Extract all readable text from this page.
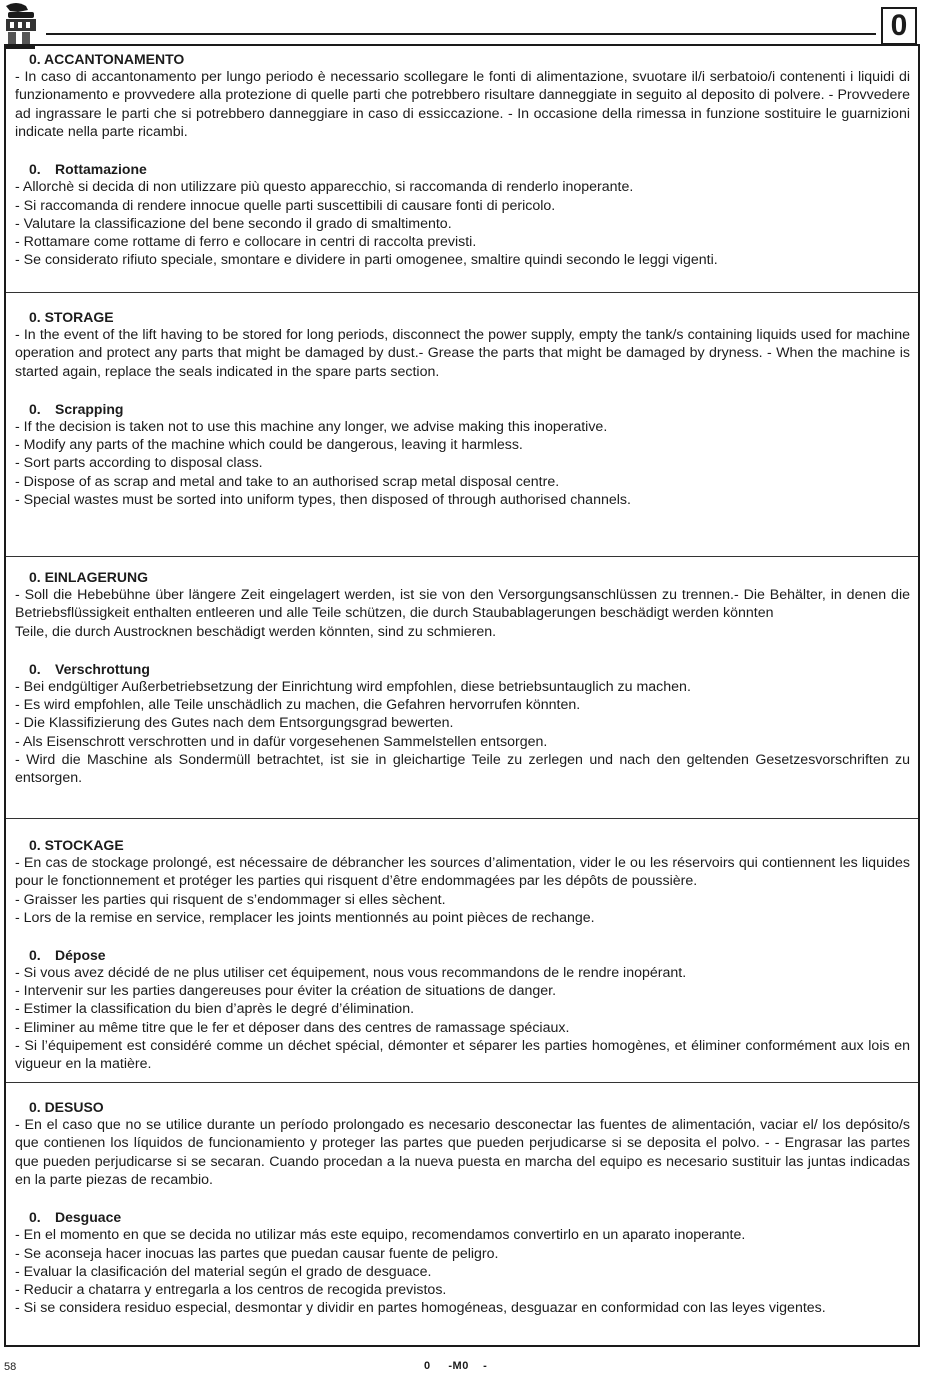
0
0. ACCANTONAMENTO

- In caso di accantonamento per lungo periodo è necessario scollegare le fonti di alimentazione, svuotare il/i serbatoio/i contenenti i liquidi di funzionamento e provvedere alla protezione di quelle parti che potrebbero risultare danneggiate in seguito al deposito di polvere. - Provvedere ad ingrassare le parti che si potrebbero danneggiare in caso di essiccazione. - In occasione della rimessa in funzione sostituire le guarnizioni indicate nella parte ricambi.

0. Rottamazione

- Allorchè si decida di non utilizzare più questo apparecchio, si raccomanda di renderlo inoperante.

- Si raccomanda di rendere innocue quelle parti suscettibili di causare fonti di pericolo.

- Valutare la classificazione del bene secondo il grado di smaltimento.

- Rottamare come rottame di ferro e collocare in centri di raccolta previsti.

- Se considerato rifiuto speciale, smontare e dividere in parti omogenee, smaltire quindi secondo le leggi vigenti.

0. STORAGE

- In the event of the lift having to be stored for long periods, disconnect the power supply, empty the tank/s containing liquids used for machine operation and protect any parts that might be damaged by dust.- Grease the parts that might be damaged by dryness. - When the machine is started again, replace the seals indicated in the spare parts section.

0. Scrapping

- If the decision is taken not to use this machine any longer, we advise making this inoperative.

- Modify any parts of the machine which could be dangerous, leaving it harmless.

- Sort parts according to disposal class.

- Dispose of as scrap and metal and take to an authorised scrap metal disposal centre.

- Special wastes must be sorted into uniform types, then disposed of through authorised channels.

0. EINLAGERUNG

- Soll die Hebebühne über längere Zeit eingelagert werden, ist sie von den Versorgungsanschlüssen zu trennen.- Die Behälter, in denen die Betriebsflüssigkeit enthalten entleeren und alle Teile schützen, die durch Staubablagerungen beschädigt werden könnten

Teile, die durch Austrocknen beschädigt werden könnten, sind zu schmieren.

0. Verschrottung

- Bei endgültiger Außerbetriebsetzung der Einrichtung wird empfohlen, diese betriebsuntauglich zu machen.

- Es wird empfohlen, alle Teile unschädlich zu machen, die Gefahren hervorrufen könnten.

- Die Klassifizierung des Gutes nach dem Entsorgungsgrad bewerten.

- Als Eisenschrott verschrotten und in dafür vorgesehenen Sammelstellen entsorgen.

- Wird die Maschine als Sondermüll betrachtet, ist sie in gleichartige Teile zu zerlegen und nach den geltenden Gesetzesvorschriften zu entsorgen.

0. STOCKAGE

- En cas de stockage prolongé, est nécessaire de débrancher les sources d’alimentation, vider le ou les réservoirs qui contiennent les liquides pour le fonctionnement et protéger les parties qui risquent d’être endommagées par les dépôts de poussière.

- Graisser les parties qui risquent de s’endommager si elles sèchent.

- Lors de la remise en service, remplacer les joints mentionnés au point pièces de rechange.

0. Dépose

- Si vous avez décidé de ne plus utiliser cet équipement, nous vous recommandons de le rendre inopérant.

- Intervenir sur les parties dangereuses pour éviter la création de situations de danger.

- Estimer la classification du bien d’après le degré d’élimination.

- Eliminer au même titre que le fer et déposer dans des centres de ramassage spéciaux.

- Si l’équipement est considéré comme un déchet spécial, démonter et séparer les parties homogènes, et éliminer conformément aux lois en vigueur en la matière.

0. DESUSO

- En el caso que no se utilice durante un período prolongado es necesario desconectar las fuentes de alimentación, vaciar el/ los depósito/s que contienen los líquidos de funcionamiento y proteger las partes que pueden perjudicarse si se deposita el polvo. - - Engrasar las partes que pueden perjudicarse si se secaran. Cuando procedan a la nueva puesta en marcha del equipo es necesario sustituir las juntas indicadas en la parte piezas de recambio.

0. Desguace

- En el momento en que se decida no utilizar más este equipo, recomendamos convertirlo en un aparato inoperante.

- Se aconseja hacer inocuas las partes que puedan causar fuente de peligro.

- Evaluar la clasificación del material según el grado de desguace.

- Reducir a chatarra y entregarla a los centros de recogida previstos.

- Si se considera residuo especial, desmontar y dividir en partes homogéneas, desguazar en conformidad con las leyes vigentes.

58	0     -M0    -
